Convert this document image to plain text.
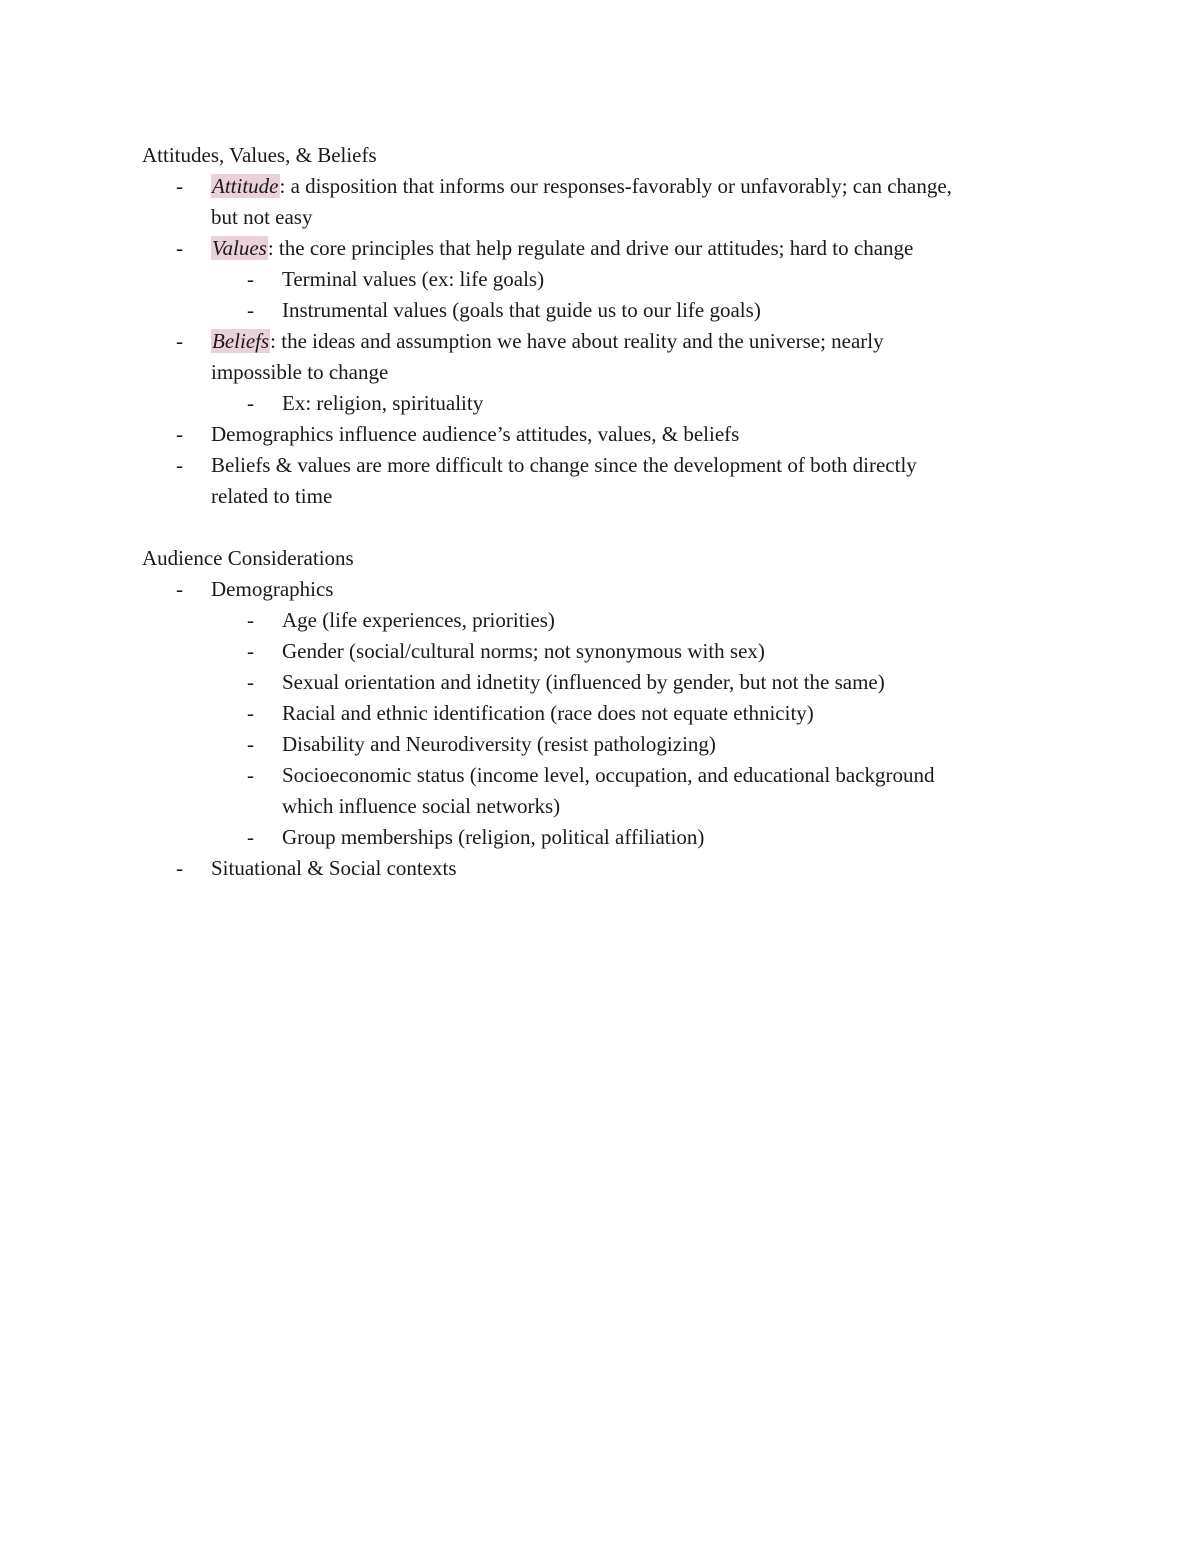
Attitudes, Values, & Beliefs
- Attitude: a disposition that informs our responses-favorably or unfavorably; can change,
but not easy
- Values: the core principles that help regulate and drive our attitudes; hard to change
- Terminal values (ex: life goals)
- Instrumental values (goals that guide us to our life goals)
- Beliefs: the ideas and assumption we have about reality and the universe; nearly
impossible to change
- Ex: religion, spirituality
- Demographics influence audience’s attitudes, values, & beliefs
- Beliefs & values are more difficult to change since the development of both directly
related to time
Audience Considerations
- Demographics
- Age (life experiences, priorities)
- Gender (social/cultural norms; not synonymous with sex)
- Sexual orientation and idnetity (influenced by gender, but not the same)
- Racial and ethnic identification (race does not equate ethnicity)
- Disability and Neurodiversity (resist pathologizing)
- Socioeconomic status (income level, occupation, and educational background
which influence social networks)
- Group memberships (religion, political affiliation)
- Situational & Social contexts
